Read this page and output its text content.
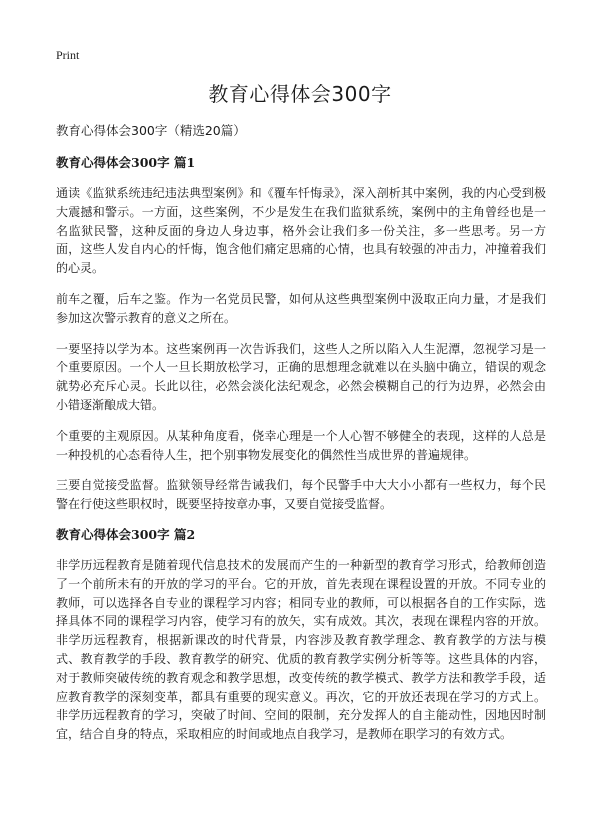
Print
教育心得体会300字

教育心得体会300字（精选20篇）

教育心得体会300字 篇1

通读《监狱系统违纪违法典型案例》和《覆车忏悔录》，深入剖析其中案例，我的内心受到极大震撼和警示。一方面，这些案例，不少是发生在我们监狱系统，案例中的主角曾经也是一名监狱民警，这种反面的身边人身边事，格外会让我们多一份关注，多一些思考。另一方面，这些人发自内心的忏悔，饱含他们痛定思痛的心情，也具有较强的冲击力，冲撞着我们的心灵。

前车之覆，后车之鉴。作为一名党员民警，如何从这些典型案例中汲取正向力量，才是我们参加这次警示教育的意义之所在。

一要坚持以学为本。这些案例再一次告诉我们，这些人之所以陷入人生泥潭，忽视学习是一个重要原因。一个人一旦长期放松学习，正确的思想理念就难以在头脑中确立，错误的观念就势必充斥心灵。长此以往，必然会淡化法纪观念，必然会模糊自己的行为边界，必然会由小错逐渐酿成大错。

个重要的主观原因。从某种角度看，侥幸心理是一个人心智不够健全的表现，这样的人总是一种投机的心态看待人生，把个别事物发展变化的偶然性当成世界的普遍规律。

三要自觉接受监督。监狱领导经常告诫我们，每个民警手中大大小小都有一些权力，每个民警在行使这些职权时，既要坚持按章办事，又要自觉接受监督。

教育心得体会300字 篇2

非学历远程教育是随着现代信息技术的发展而产生的一种新型的教育学习形式，给教师创造了一个前所未有的开放的学习的平台。它的开放，首先表现在课程设置的开放。不同专业的教师，可以选择各自专业的课程学习内容；相同专业的教师，可以根据各自的工作实际，选择具体不同的课程学习内容，使学习有的放矢，实有成效。其次，表现在课程内容的开放。非学历远程教育，根据新课改的时代背景，内容涉及教育教学理念、教育教学的方法与模式、教育教学的手段、教育教学的研究、优质的教育教学实例分析等等。这些具体的内容，对于教师突破传统的教育观念和教学思想，改变传统的教学模式、教学方法和教学手段，适应教育教学的深刻变革，都具有重要的现实意义。再次，它的开放还表现在学习的方式上。非学历远程教育的学习，突破了时间、空间的限制，充分发挥人的自主能动性，因地因时制宜，结合自身的特点，采取相应的时间或地点自我学习，是教师在职学习的有效方式。
